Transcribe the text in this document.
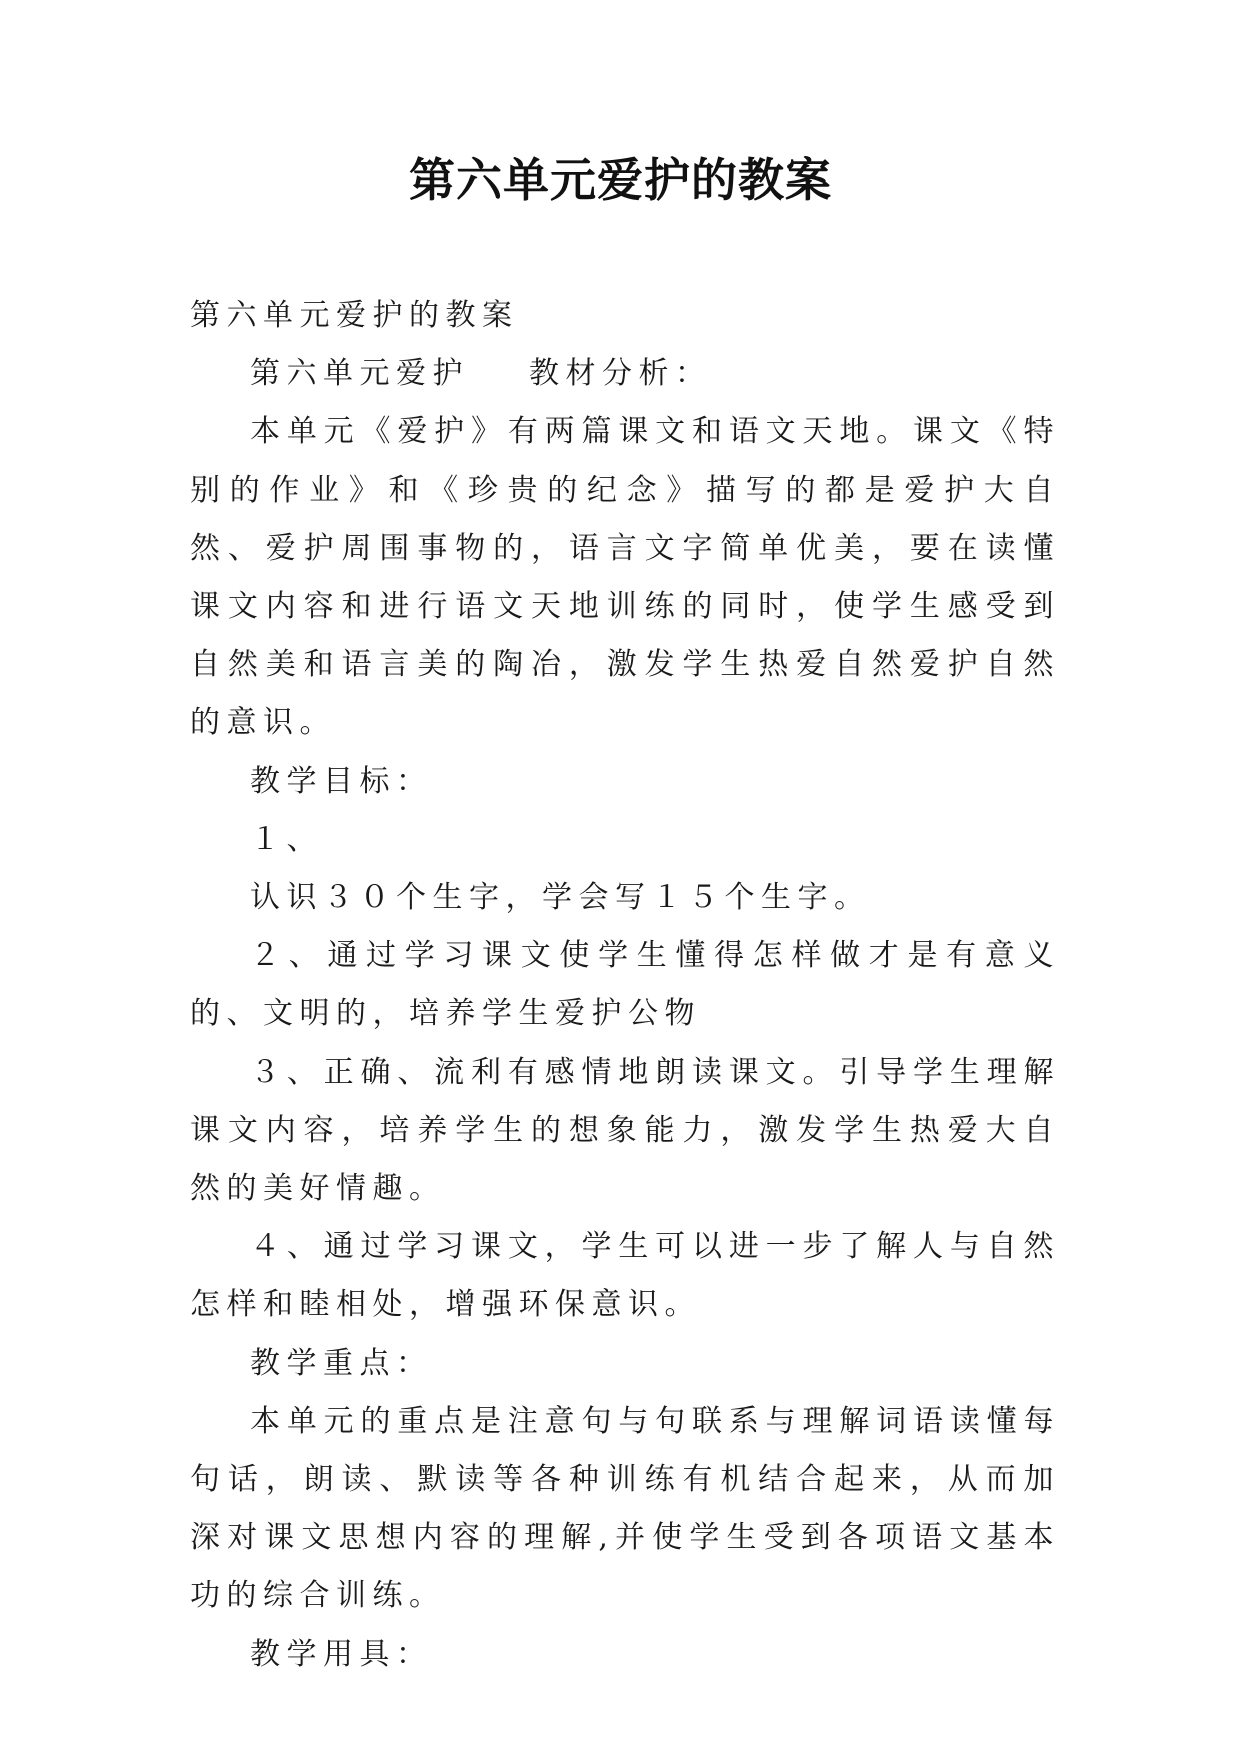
第六单元爱护的教案

第六单元爱护的教案

第六单元爱护 教材分析：

本单元《爱护》有两篇课文和语文天地。课文《特别的作业》和《珍贵的纪念》描写的都是爱护大自然、爱护周围事物的，语言文字简单优美，要在读懂课文内容和进行语文天地训练的同时，使学生感受到自然美和语言美的陶冶，激发学生热爱自然爱护自然的意识。

教学目标：

１、

认识３０个生字，学会写１５个生字。

２、通过学习课文使学生懂得怎样做才是有意义的、文明的，培养学生爱护公物

３、正确、流利有感情地朗读课文。引导学生理解课文内容，培养学生的想象能力，激发学生热爱大自然的美好情趣。

４、通过学习课文，学生可以进一步了解人与自然怎样和睦相处，增强环保意识。

教学重点：

本单元的重点是注意句与句联系与理解词语读懂每句话，朗读、默读等各种训练有机结合起来，从而加深对课文思想内容的理解,并使学生受到各项语文基本功的综合训练。

教学用具：
